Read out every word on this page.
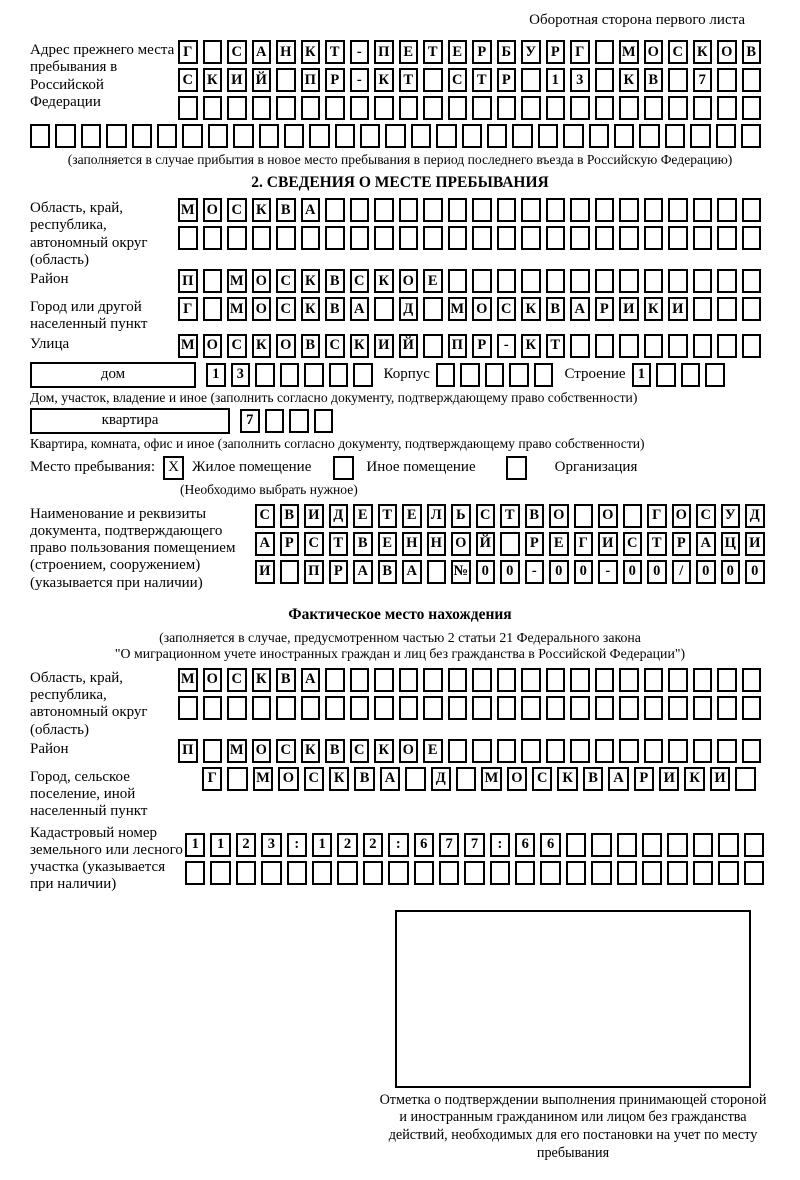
Оборотная сторона первого листа
Адрес прежнего места пребывания в Российской Федерации
Г	С А Н К Т	-	П Е	Т	Е	Р	Б У	Р	Г	М О С К О В
С К И Й	П Р	-	К Т	С Т	Р	1	3	К В	7
(заполняется в случае прибытия в новое место пребывания в период последнего въезда в Российскую Федерацию)
2. СВЕДЕНИЯ О МЕСТЕ ПРЕБЫВАНИЯ
Область, край, республика, автономный округ (область)
М О С К В А
Район	П	М О С К В С К О Е
Город или другой населенный пункт
Г	М О С К В А	Д	М О С К В А	Р И К И
Улица	М О С К О В С К И Й	П Р	-	К Т
дом	1	3	Корпус	Строение 1
Дом, участок, владение и иное (заполнить согласно документу, подтверждающему право собственности)
квартира	7
Квартира, комната, офис и иное (заполнить согласно документу, подтверждающему право собственности)
Место пребывания: X Жилое помещение	Иное помещение	Организация
(Необходимо выбрать нужное)
Наименование и реквизиты документа, подтверждающего право пользования помещением (строением, сооружением) (указывается при наличии)
С В И Д	Е	Т	Е Л Ь С Т	В О	О	Г О С У Д
А	Р	С Т	В	Е Н Н О Й	Р	Е	Г И С Т	Р	А Ц И
И	П Р	А В А	№ 0	0	-	0	0	-	0	0	/	0	0	0
Фактическое место нахождения
(заполняется в случае, предусмотренном частью 2 статьи 21 Федерального закона
"О миграционном учете иностранных граждан и лиц без гражданства в Российской Федерации")
Область, край, республика, автономный округ (область)
М О С К В А
Район	П	М О С К В С К О Е
Город, сельское поселение, иной населенный пункт
Г	М О	С	К	В	А	Д	М О	С	К	В	А	Р	И	К И
Кадастровый номер земельного или лесного участка (указывается при наличии)
1	1	2	3	:	1	2	2	:	6	7	7	:	6	6
Отметка о подтверждении выполнения принимающей стороной и иностранным гражданином или лицом без гражданства действий, необходимых для его постановки на учет по месту пребывания
